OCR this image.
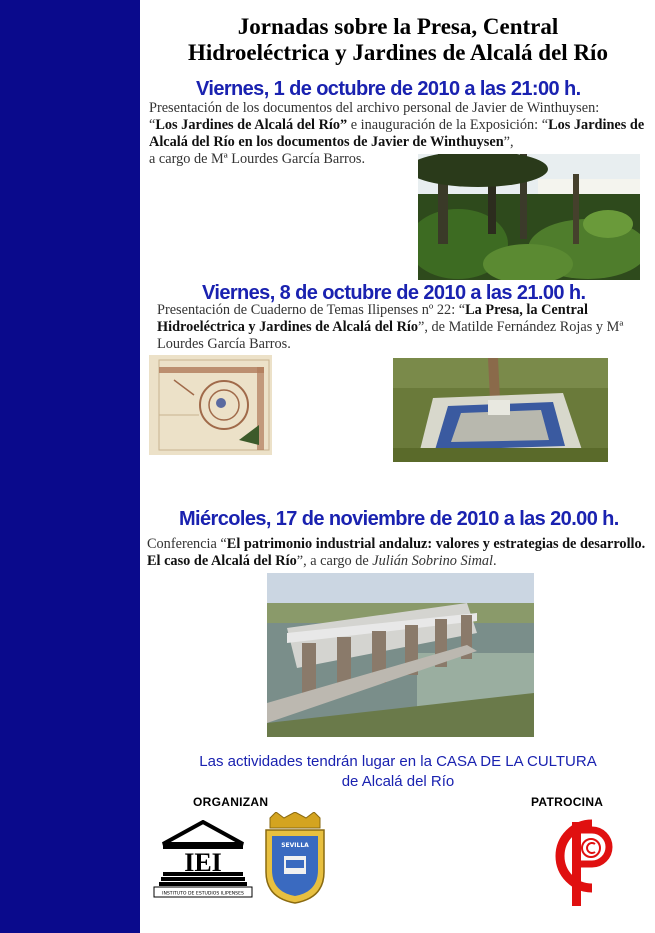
Jornadas sobre la Presa, Central
Hidroeléctrica y Jardines de Alcalá del Río
Viernes, 1 de octubre de 2010 a las 21:00 h.
Presentación de los documentos del archivo personal de Javier de Winthuysen:
“Los Jardines de Alcalá del Río” e inauguración de la Exposición: “Los Jardines de Alcalá del Río en los documentos de Javier de Winthuysen”,
a cargo de Mª Lourdes García Barros.
Viernes, 8 de octubre de 2010 a las 21.00 h.
Presentación de Cuaderno de Temas Ilipenses nº 22: “La Presa, la Central Hidroeléctrica y Jardines de Alcalá del Río”, de Matilde Fernández Rojas y Mª Lourdes García Barros.
Miércoles, 17 de noviembre de 2010 a las 20.00 h.
Conferencia “El patrimonio industrial andaluz: valores y estrategias de desarrollo. El caso de Alcalá del Río”, a cargo de Julián Sobrino Simal.
Las actividades tendrán lugar en la CASA DE LA CULTURA
de Alcalá del Río
ORGANIZAN	PATROCINA
IEI
INSTITUTO DE ESTUDIOS ILIPENSES
SEVILLA
